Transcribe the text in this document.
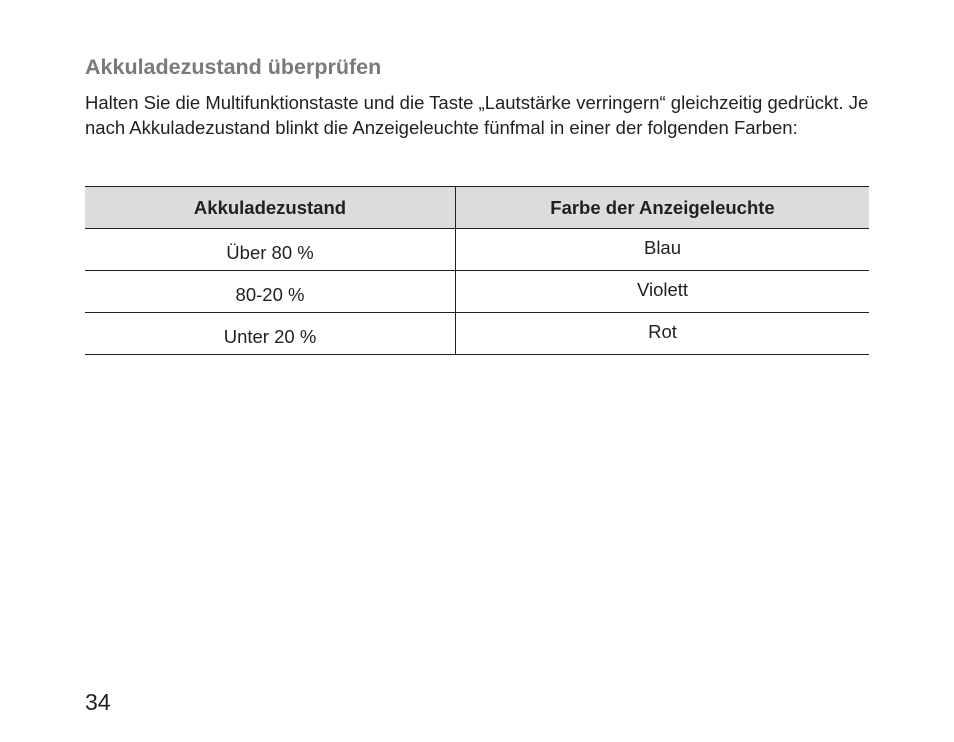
Akkuladezustand überprüfen

Halten Sie die Multifunktionstaste und die Taste „Lautstärke verringern“ gleichzeitig gedrückt. Je nach Akkuladezustand blinkt die Anzeigeleuchte fünfmal in einer der folgenden Farben:

Akkuladezustand	Farbe der Anzeigeleuchte
Über 80 %	Blau
80-20 %	Violett
Unter 20 %	Rot
34
